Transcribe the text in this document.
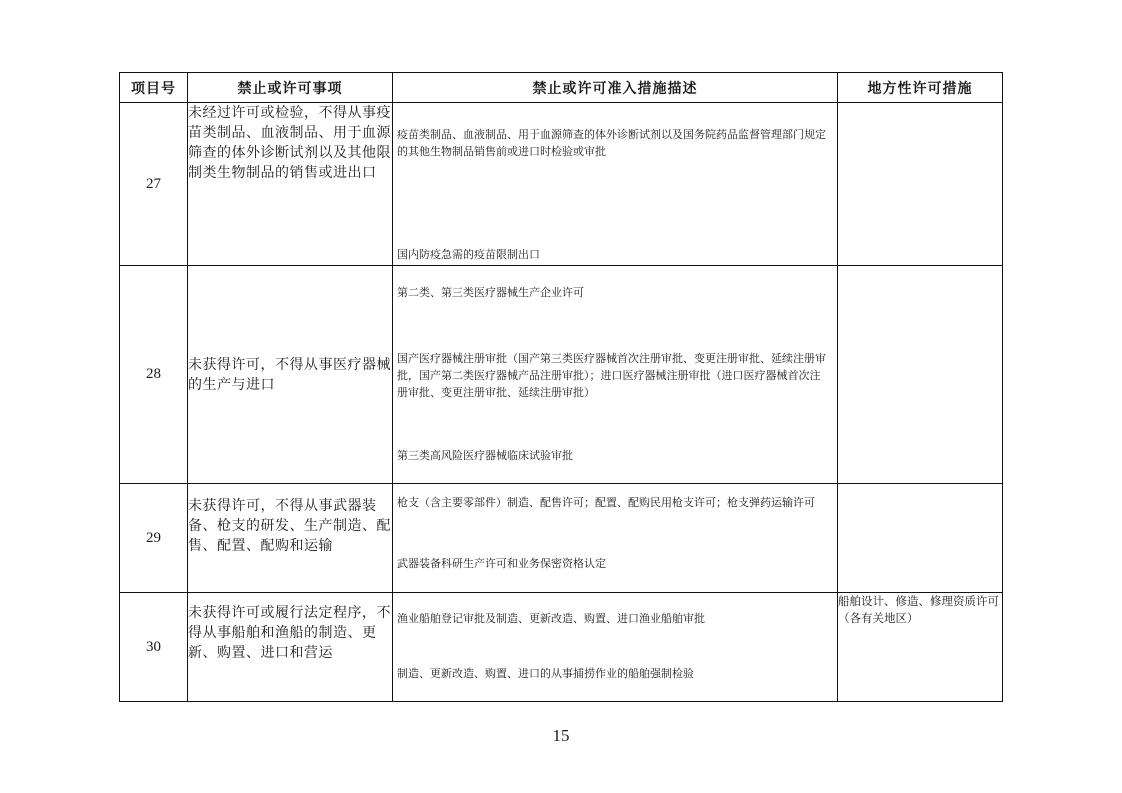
项目号	禁止或许可事项	禁止或许可准入措施描述	地方性许可措施
27	未经过许可或检验，不得从事疫苗类制品、血液制品、用于血源筛查的体外诊断试剂以及其他限制类生物制品的销售或进出口	疫苗类制品、血液制品、用于血源筛查的体外诊断试剂以及国务院药品监督管理部门规定的其他生物制品销售前或进口时检验或审批
国内防疫急需的疫苗限制出口	

28	未获得许可，不得从事医疗器械的生产与进口	第二类、第三类医疗器械生产企业许可
国产医疗器械注册审批（国产第三类医疗器械首次注册审批、变更注册审批、延续注册审批，国产第二类医疗器械产品注册审批）；进口医疗器械注册审批（进口医疗器械首次注册审批、变更注册审批、延续注册审批）
第三类高风险医疗器械临床试验审批	

29	未获得许可，不得从事武器装备、枪支的研发、生产制造、配售、配置、配购和运输	枪支（含主要零部件）制造、配售许可；配置、配购民用枪支许可；枪支弹药运输许可
武器装备科研生产许可和业务保密资格认定	

30	未获得许可或履行法定程序，不得从事船舶和渔船的制造、更新、购置、进口和营运	渔业船舶登记审批及制造、更新改造、购置、进口渔业船舶审批
制造、更新改造、购置、进口的从事捕捞作业的船舶强制检验	船舶设计、修造、修理资质许可（各有关地区）
15
